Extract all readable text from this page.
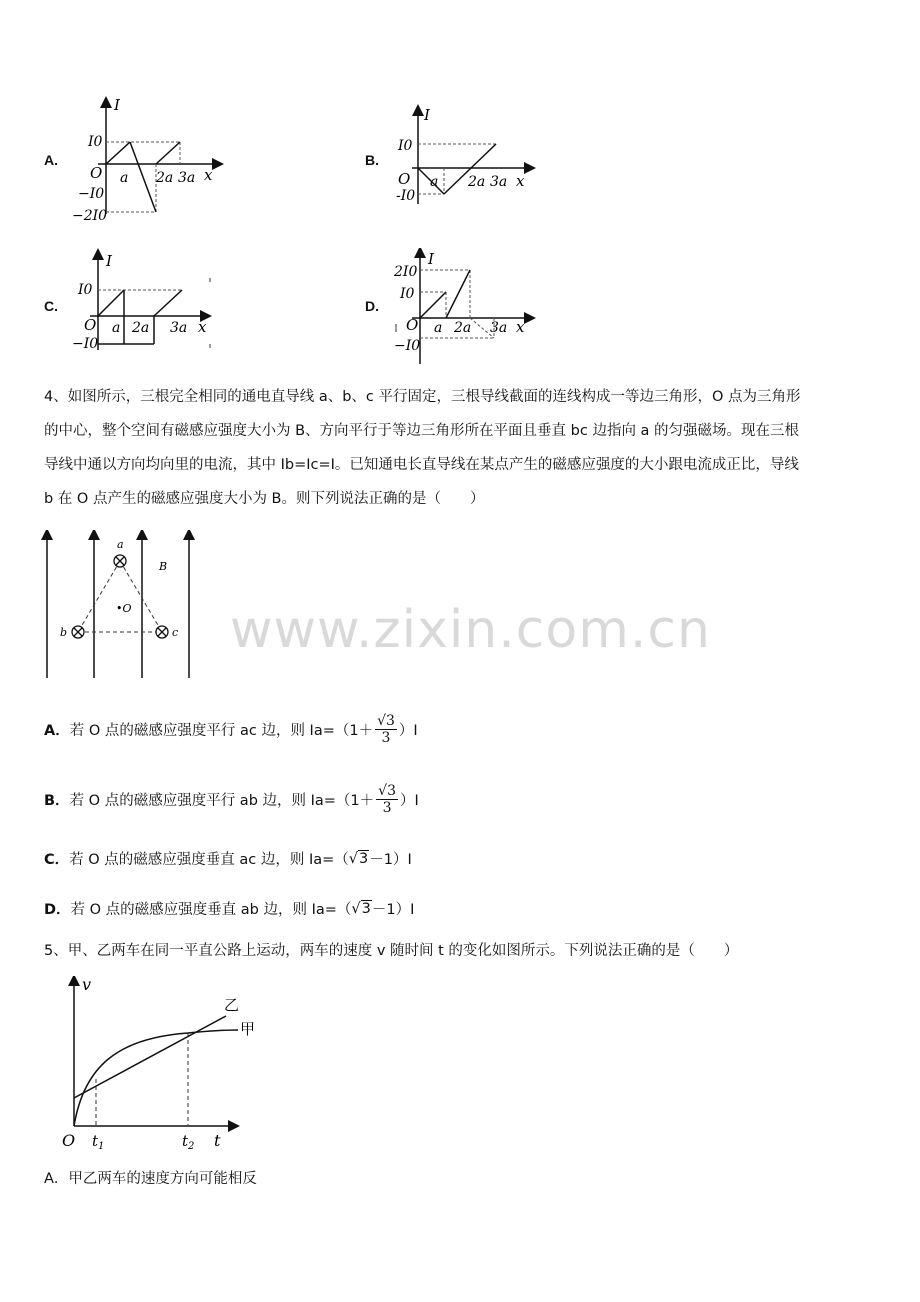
A.
I
x
O
I0
−I0
−2I0
a 2a 3a
B.
I
x
O
I0
-I0
a 2a 3a
C.
I
x
O
I0
−I0
a 2a 3a
D.
I
x
O
2I0
I0
−I0
a 2a 3a
4、如图所示，三根完全相同的通电直导线 a、b、c 平行固定，三根导线截面的连线构成一等边三角形，O 点为三角形
的中心，整个空间有磁感应强度大小为 B、方向平行于等边三角形所在平面且垂直 bc 边指向 a 的匀强磁场。现在三根
导线中通以方向均向里的电流，其中 Ib=Ic=I。已知通电长直导线在某点产生的磁感应强度的大小跟电流成正比，导线
b 在 O 点产生的磁感应强度大小为 B。则下列说法正确的是（　　）
a
b	c
•O
B
www.zixin.com.cn
A． 若 O 点的磁感应强度平行 ac 边，则 $Ia=(1+ \frac{√3}{3} )I$
B． 若 O 点的磁感应强度平行 ab 边，则 $Ia=(1+ \frac{√3}{3} )I$
C． 若 O 点的磁感应强度垂直 ac 边，则 Ia=（ √ 3 －1）I
D． 若 O 点的磁感应强度垂直 ab 边，则 Ia=（ √ 3 －1）I
5、甲、乙两车在同一平直公路上运动，两车的速度 v 随时间 t 的变化如图所示。下列说法正确的是（　　）
v
t
O $t_1$	$t_2$
乙
甲
A．甲乙两车的速度方向可能相反
